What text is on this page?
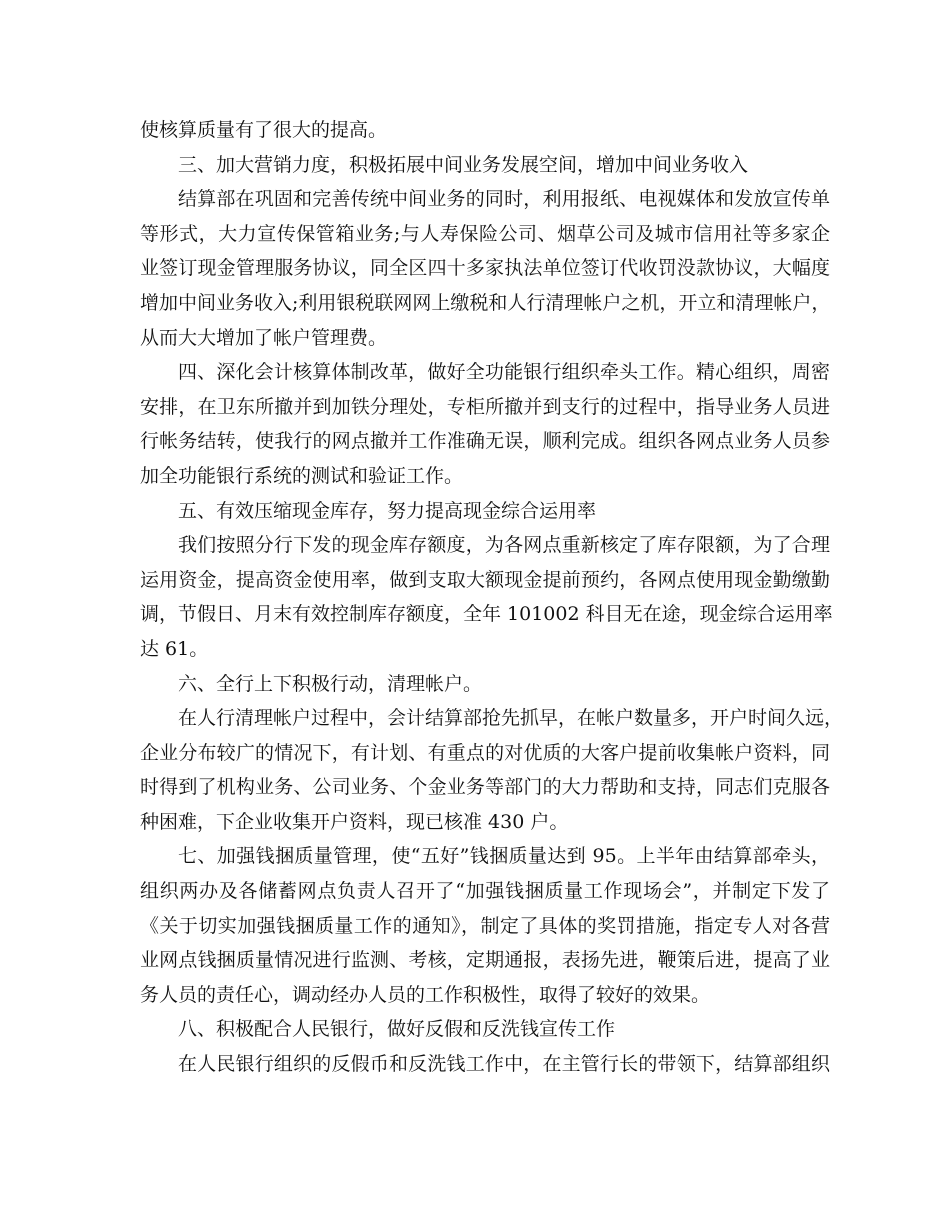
使核算质量有了很大的提高。
三、加大营销力度，积极拓展中间业务发展空间，增加中间业务收入
结算部在巩固和完善传统中间业务的同时，利用报纸、电视媒体和发放宣传单
等形式，大力宣传保管箱业务;与人寿保险公司、烟草公司及城市信用社等多家企
业签订现金管理服务协议，同全区四十多家执法单位签订代收罚没款协议，大幅度
增加中间业务收入;利用银税联网网上缴税和人行清理帐户之机，开立和清理帐户，
从而大大增加了帐户管理费。
四、深化会计核算体制改革，做好全功能银行组织牵头工作。精心组织，周密
安排，在卫东所撤并到加铁分理处，专柜所撤并到支行的过程中，指导业务人员进
行帐务结转，使我行的网点撤并工作准确无误，顺利完成。组织各网点业务人员参
加全功能银行系统的测试和验证工作。
五、有效压缩现金库存，努力提高现金综合运用率
我们按照分行下发的现金库存额度，为各网点重新核定了库存限额，为了合理
运用资金，提高资金使用率，做到支取大额现金提前预约，各网点使用现金勤缴勤
调，节假日、月末有效控制库存额度，全年 101002 科目无在途，现金综合运用率
达 61。
六、全行上下积极行动，清理帐户。
在人行清理帐户过程中，会计结算部抢先抓早，在帐户数量多，开户时间久远，
企业分布较广的情况下，有计划、有重点的对优质的大客户提前收集帐户资料，同
时得到了机构业务、公司业务、个金业务等部门的大力帮助和支持，同志们克服各
种困难，下企业收集开户资料，现已核准 430 户。
七、加强钱捆质量管理，使“五好”钱捆质量达到 95。上半年由结算部牵头，
组织两办及各储蓄网点负责人召开了“加强钱捆质量工作现场会”，并制定下发了
《关于切实加强钱捆质量工作的通知》，制定了具体的奖罚措施，指定专人对各营
业网点钱捆质量情况进行监测、考核，定期通报，表扬先进，鞭策后进，提高了业
务人员的责任心，调动经办人员的工作积极性，取得了较好的效果。
八、积极配合人民银行，做好反假和反洗钱宣传工作
在人民银行组织的反假币和反洗钱工作中，在主管行长的带领下，结算部组织
